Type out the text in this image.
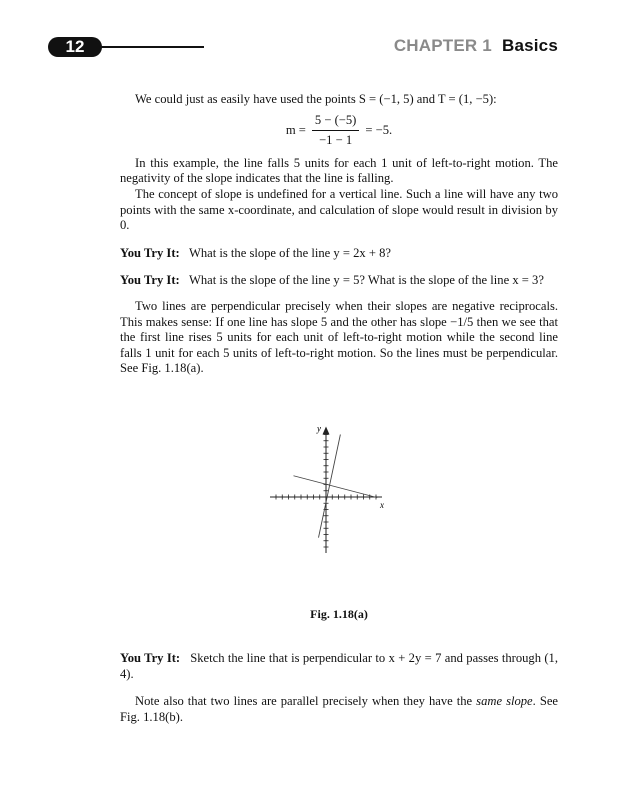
12	CHAPTER 1 Basics

We could just as easily have used the points S = (−1, 5) and T = (1, −5):

$m = \frac{5 - (-5)}{-1 - 1} = -5$.

In this example, the line falls 5 units for each 1 unit of left-to-right motion. The negativity of the slope indicates that the line is falling.

The concept of slope is undefined for a vertical line. Such a line will have any two points with the same x-coordinate, and calculation of slope would result in division by 0.

You Try It: What is the slope of the line y = 2x + 8?

You Try It: What is the slope of the line y = 5? What is the slope of the line x = 3?

Two lines are perpendicular precisely when their slopes are negative reciprocals. This makes sense: If one line has slope 5 and the other has slope −1/5 then we see that the first line rises 5 units for each unit of left-to-right motion while the second line falls 1 unit for each 5 units of left-to-right motion. So the lines must be perpendicular. See Fig. 1.18(a).

x
y
Fig. 1.18(a)

You Try It: Sketch the line that is perpendicular to x + 2y = 7 and passes through (1, 4).

Note also that two lines are parallel precisely when they have the same slope. See Fig. 1.18(b).
